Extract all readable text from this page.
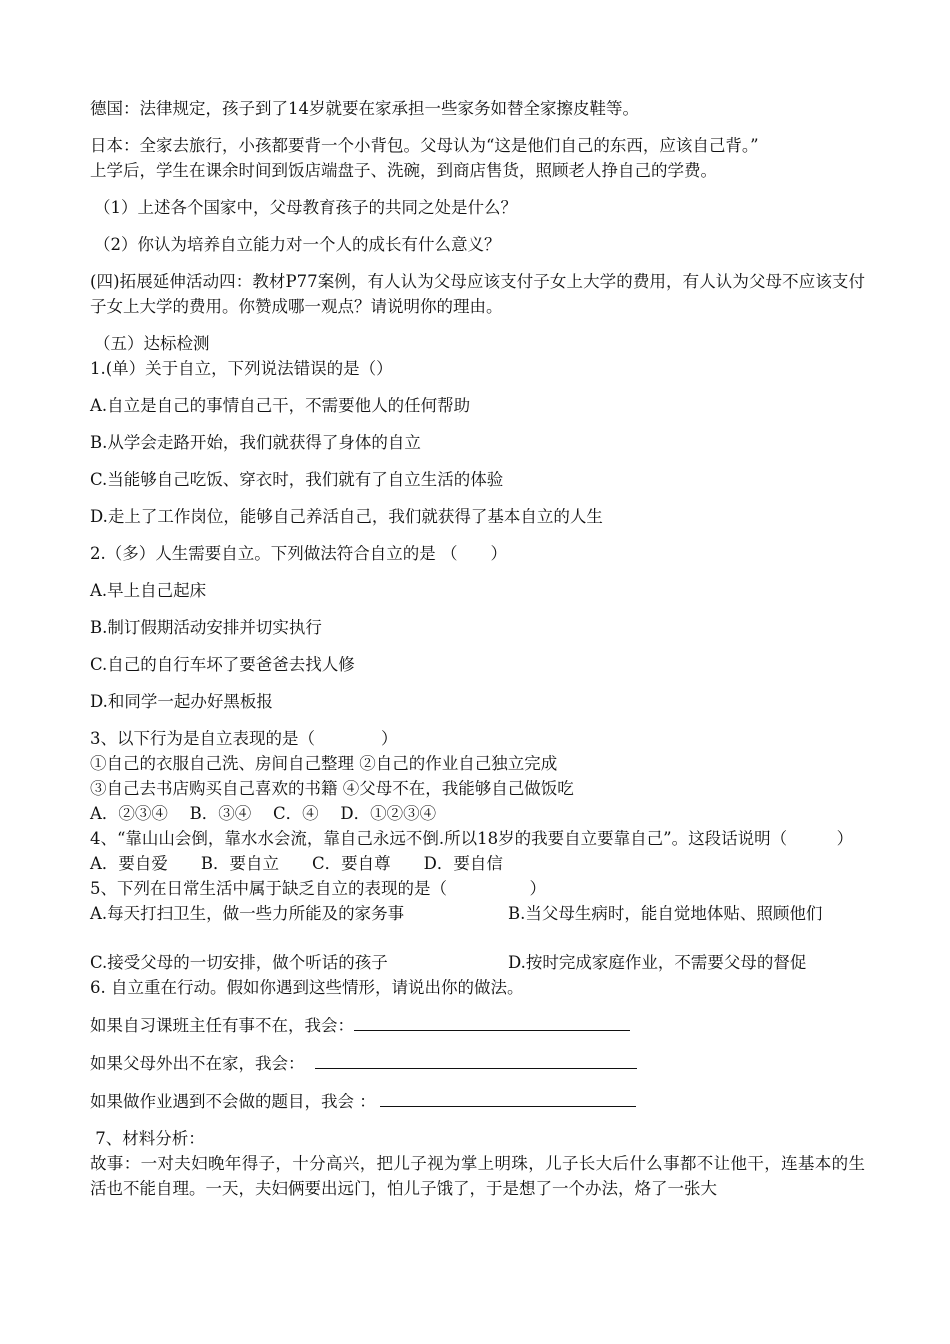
德国：法律规定，孩子到了14岁就要在家承担一些家务如替全家擦皮鞋等。

日本：全家去旅行，小孩都要背一个小背包。父母认为“这是他们自己的东西，应该自己背。”

上学后，学生在课余时间到饭店端盘子、洗碗，到商店售货，照顾老人挣自己的学费。

（1）上述各个国家中，父母教育孩子的共同之处是什么？

（2）你认为培养自立能力对一个人的成长有什么意义？

(四)拓展延伸活动四：教材P77案例，有人认为父母应该支付子女上大学的费用，有人认为父母不应该支付子女上大学的费用。你赞成哪一观点？请说明你的理由。

（五）达标检测

1.(单）关于自立，下列说法错误的是（）

A.自立是自己的事情自己干，不需要他人的任何帮助

B.从学会走路开始，我们就获得了身体的自立

C.当能够自己吃饭、穿衣时，我们就有了自立生活的体验

D.走上了工作岗位，能够自己养活自己，我们就获得了基本自立的人生

2.（多）人生需要自立。下列做法符合自立的是 （　　）

A.早上自己起床

B.制订假期活动安排并切实执行

C.自己的自行车坏了要爸爸去找人修

D.和同学一起办好黑板报

3、以下行为是自立表现的是（　　　　）

①自己的衣服自己洗、房间自己整理 ②自己的作业自己独立完成

③自己去书店购买自己喜欢的书籍 ④父母不在，我能够自己做饭吃

A．②③④　 B．③④　 C．④　 D．①②③④

4、“靠山山会倒，靠水水会流，靠自己永远不倒.所以18岁的我要自立要靠自己”。这段话说明（　　　）

A．要自爱　　B．要自立　　C．要自尊　　D．要自信

5、下列在日常生活中属于缺乏自立的表现的是（　　　　　）

A.每天打扫卫生，做一些力所能及的家务事	B.当父母生病时，能自觉地体贴、照顾他们
C.接受父母的一切安排，做个听话的孩子	D.按时完成家庭作业，不需要父母的督促

6. 自立重在行动。假如你遇到这些情形，请说出你的做法。

如果自习课班主任有事不在，我会：

如果父母外出不在家，我会：

如果做作业遇到不会做的题目，我会 ：

7、材料分析：

故事：一对夫妇晚年得子，十分高兴，把儿子视为掌上明珠，儿子长大后什么事都不让他干，连基本的生活也不能自理。一天，夫妇俩要出远门，怕儿子饿了，于是想了一个办法，烙了一张大
